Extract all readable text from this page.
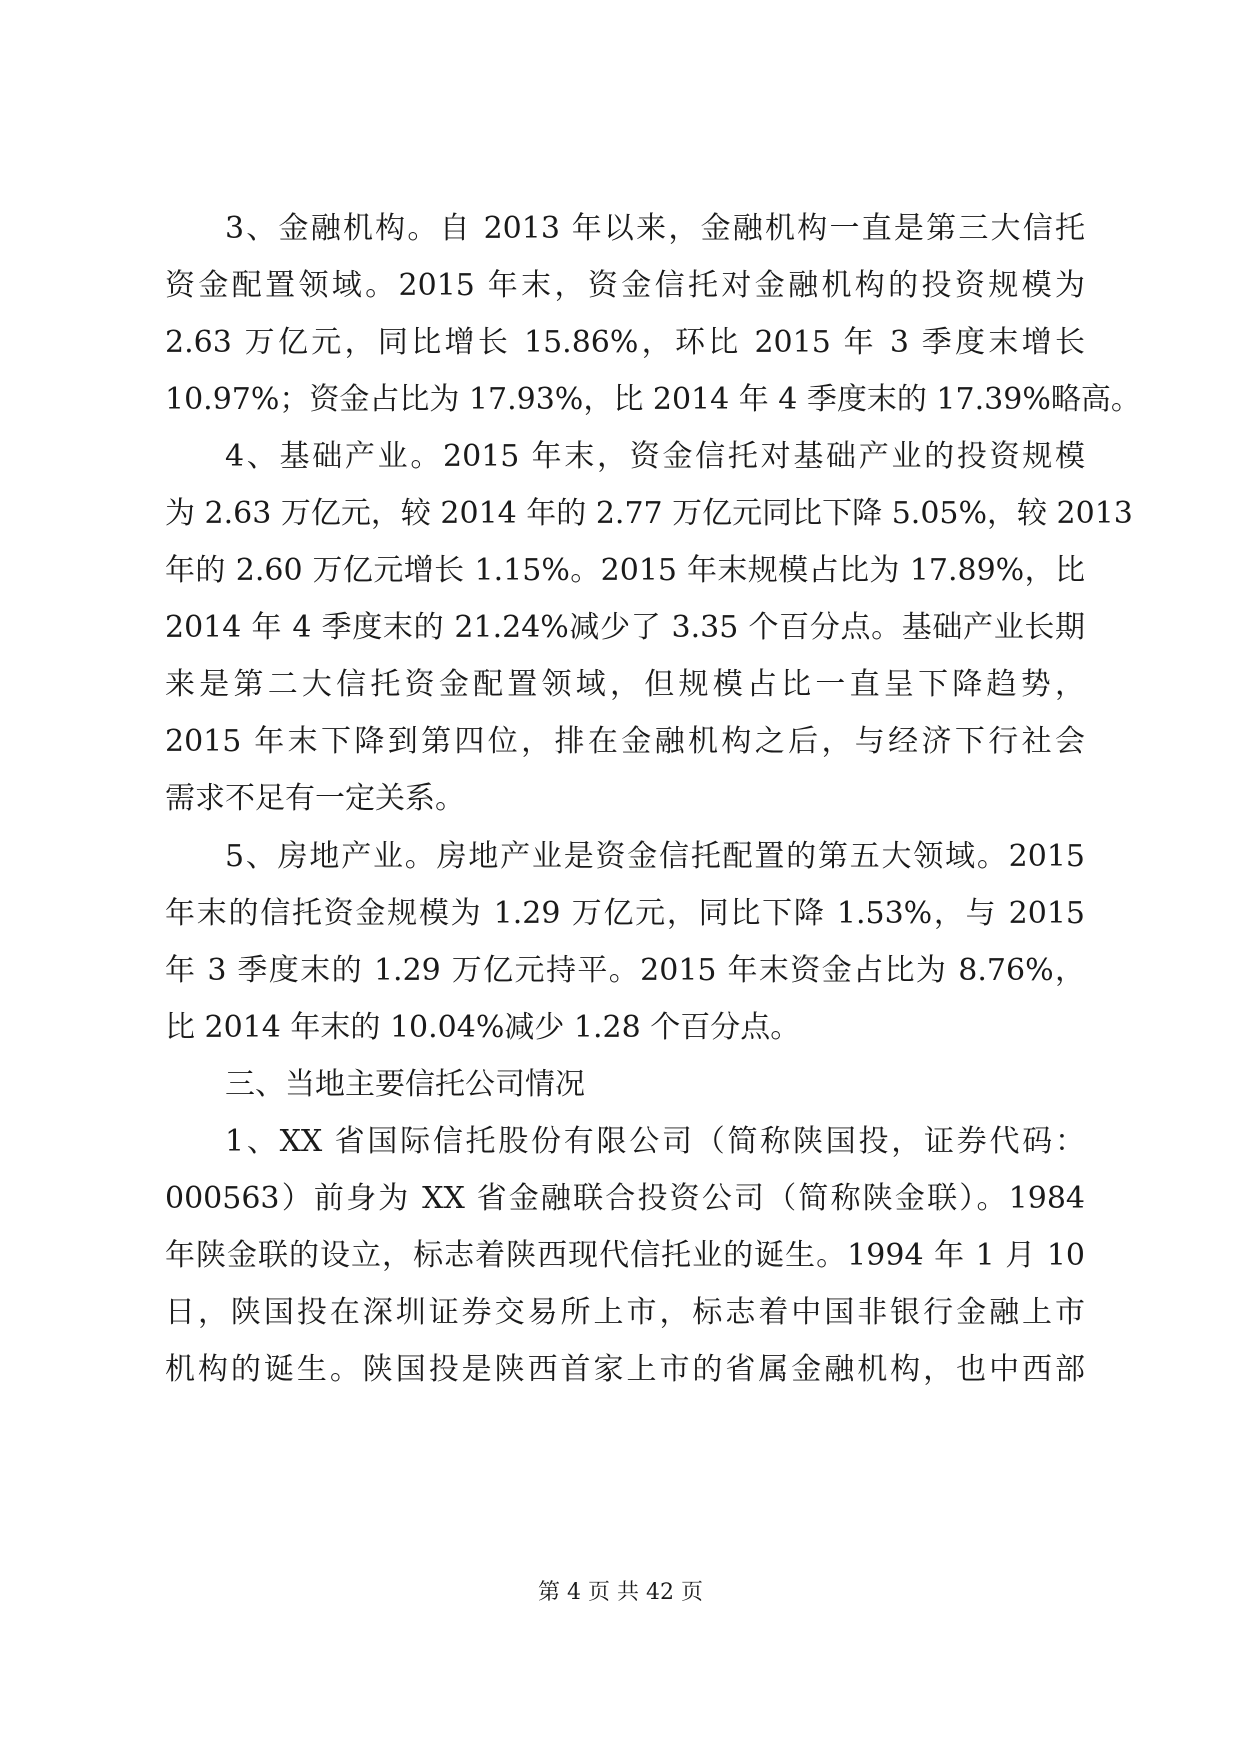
3、金融机构。自 2013 年以来，金融机构一直是第三大信托
资金配置领域。2015 年末，资金信托对金融机构的投资规模为
2.63 万亿元，同比增长 15.86%，环比 2015 年 3 季度末增长
10.97%；资金占比为 17.93%，比 2014 年 4 季度末的 17.39%略高。
4、基础产业。2015 年末，资金信托对基础产业的投资规模
为 2.63 万亿元，较 2014 年的 2.77 万亿元同比下降 5.05%，较 2013
年的 2.60 万亿元增长 1.15%。2015 年末规模占比为 17.89%，比
2014 年 4 季度末的 21.24%减少了 3.35 个百分点。基础产业长期
来是第二大信托资金配置领域，但规模占比一直呈下降趋势，
2015 年末下降到第四位，排在金融机构之后，与经济下行社会
需求不足有一定关系。
5、房地产业。房地产业是资金信托配置的第五大领域。2015
年末的信托资金规模为 1.29 万亿元，同比下降 1.53%，与 2015
年 3 季度末的 1.29 万亿元持平。2015 年末资金占比为 8.76%，
比 2014 年末的 10.04%减少 1.28 个百分点。
三、当地主要信托公司情况
1、XX 省国际信托股份有限公司（简称陕国投，证券代码：
000563）前身为 XX 省金融联合投资公司（简称陕金联）。1984
年陕金联的设立，标志着陕西现代信托业的诞生。1994 年 1 月 10
日，陕国投在深圳证券交易所上市，标志着中国非银行金融上市
机构的诞生。陕国投是陕西首家上市的省属金融机构，也中西部
第 4 页 共 42 页
